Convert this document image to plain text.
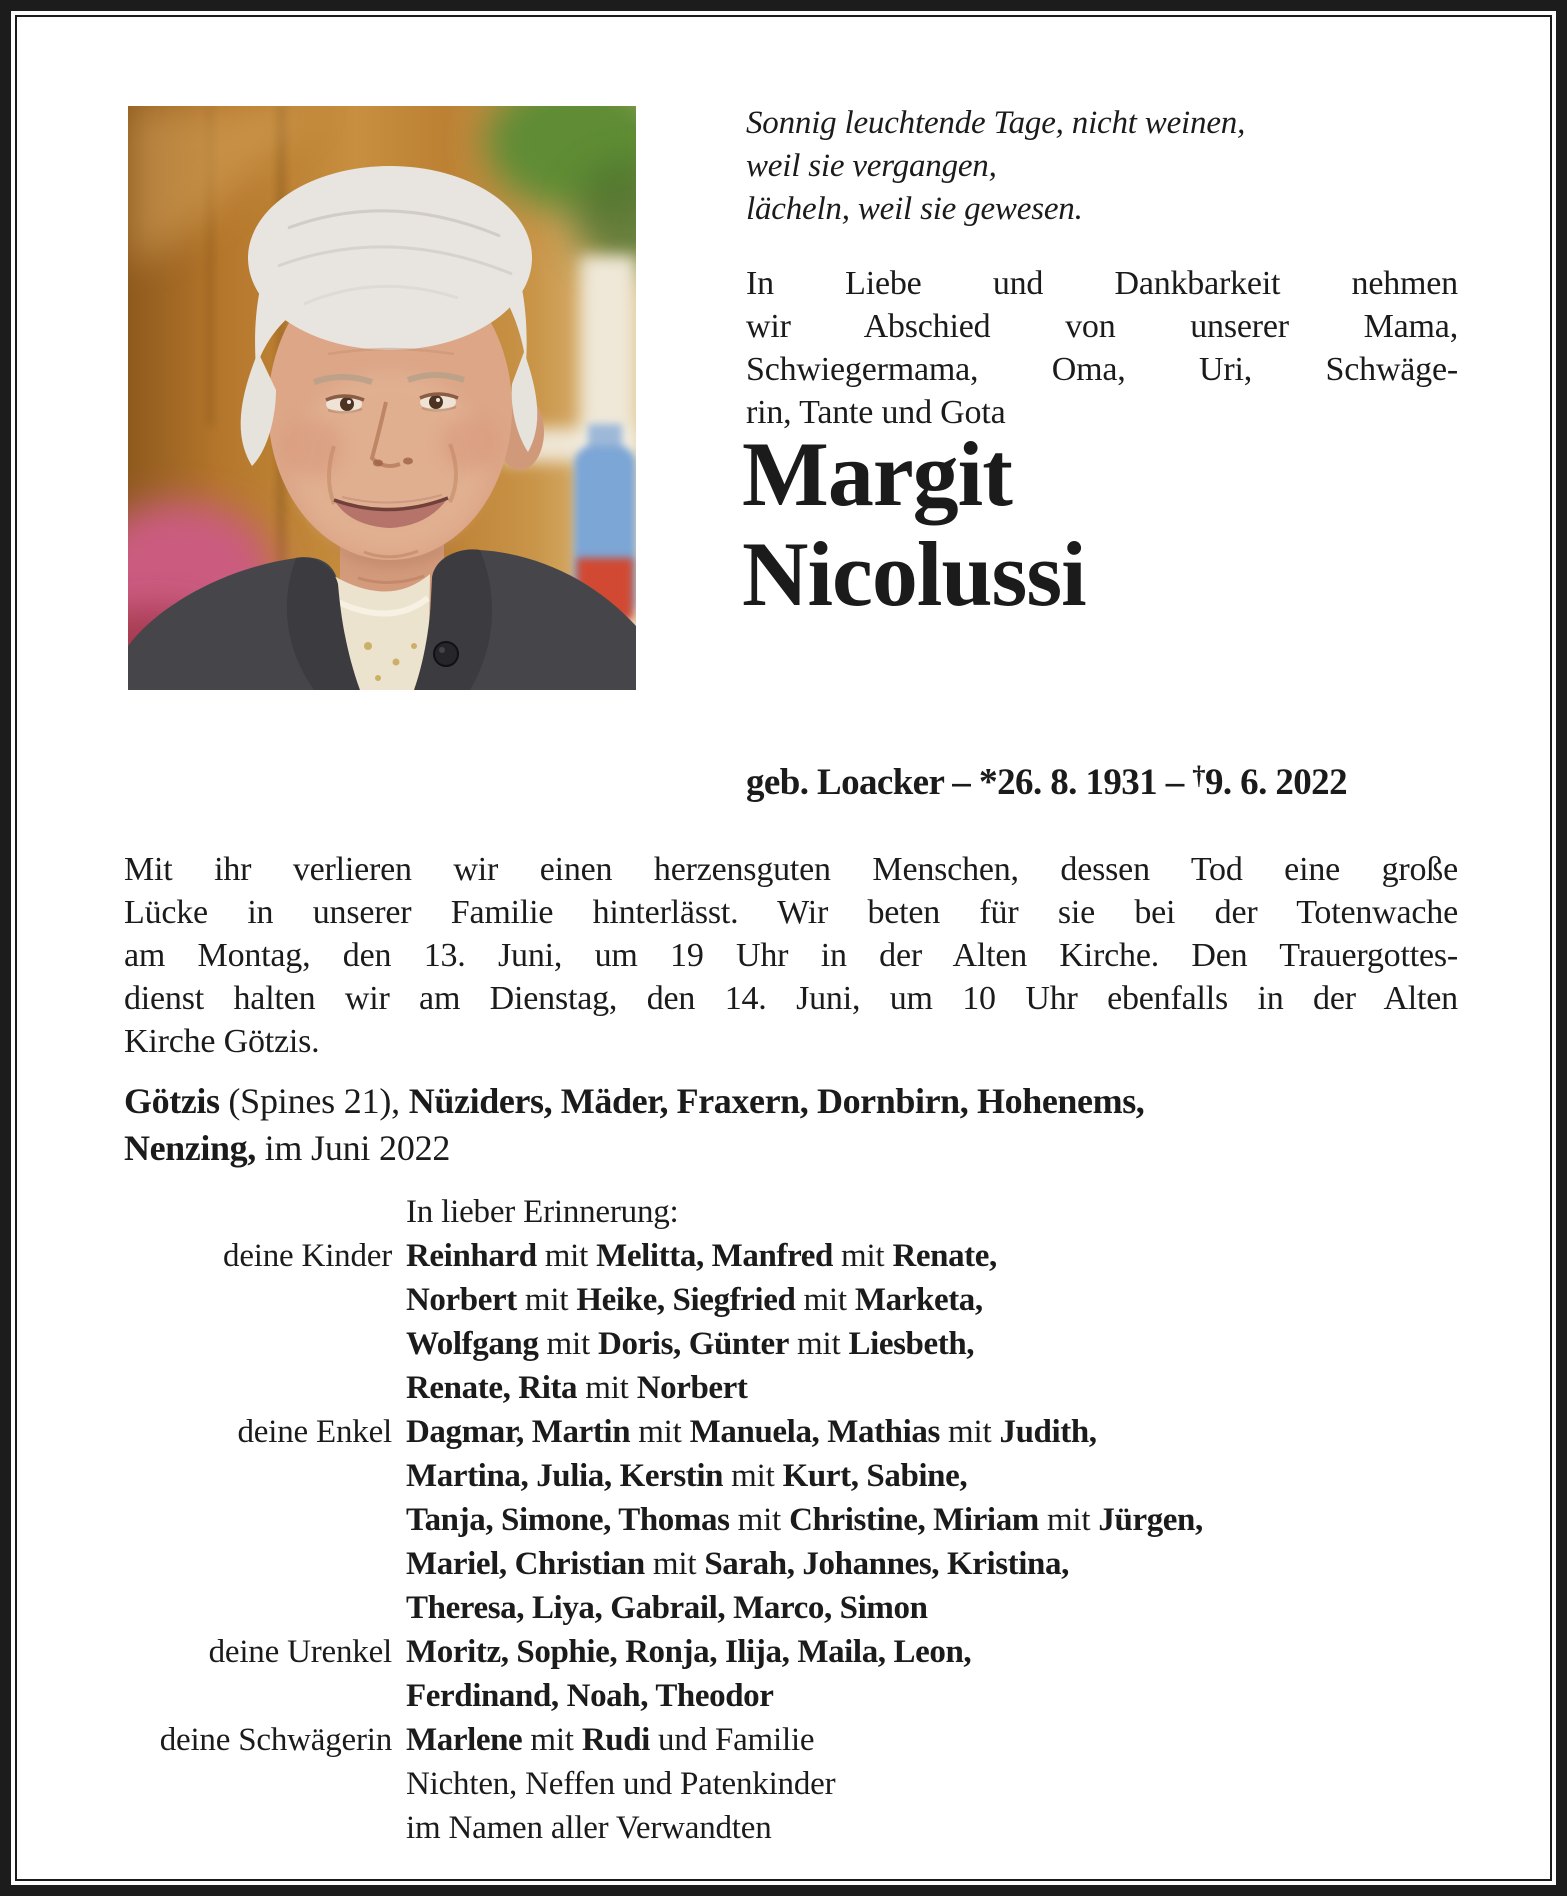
Sonnig leuchtende Tage, nicht weinen,
weil sie vergangen,
lächeln, weil sie gewesen.
In Liebe und Dankbarkeit nehmen
wir Abschied von unserer Mama,
Schwiegermama, Oma, Uri, Schwäge-
rin, Tante und Gota
Margit
Nicolussi
geb. Loacker – *26. 8. 1931 – †9. 6. 2022
Mit ihr verlieren wir einen herzensguten Menschen, dessen Tod eine große
Lücke in unserer Familie hinterlässt. Wir beten für sie bei der Totenwache
am Montag, den 13. Juni, um 19 Uhr in der Alten Kirche. Den Trauergottes-
dienst halten wir am Dienstag, den 14. Juni, um 10 Uhr ebenfalls in der Alten
Kirche Götzis.
Götzis (Spines 21), Nüziders, Mäder, Fraxern, Dornbirn, Hohenems,
Nenzing, im Juni 2022
In lieber Erinnerung:
deine Kinder Reinhard mit Melitta, Manfred mit Renate,
Norbert mit Heike, Siegfried mit Marketa,
Wolfgang mit Doris, Günter mit Liesbeth,
Renate, Rita mit Norbert
deine Enkel Dagmar, Martin mit Manuela, Mathias mit Judith,
Martina, Julia, Kerstin mit Kurt, Sabine,
Tanja, Simone, Thomas mit Christine, Miriam mit Jürgen,
Mariel, Christian mit Sarah, Johannes, Kristina,
Theresa, Liya, Gabrail, Marco, Simon
deine Urenkel Moritz, Sophie, Ronja, Ilija, Maila, Leon,
Ferdinand, Noah, Theodor
deine Schwägerin Marlene mit Rudi und Familie
Nichten, Neffen und Patenkinder
im Namen aller Verwandten
